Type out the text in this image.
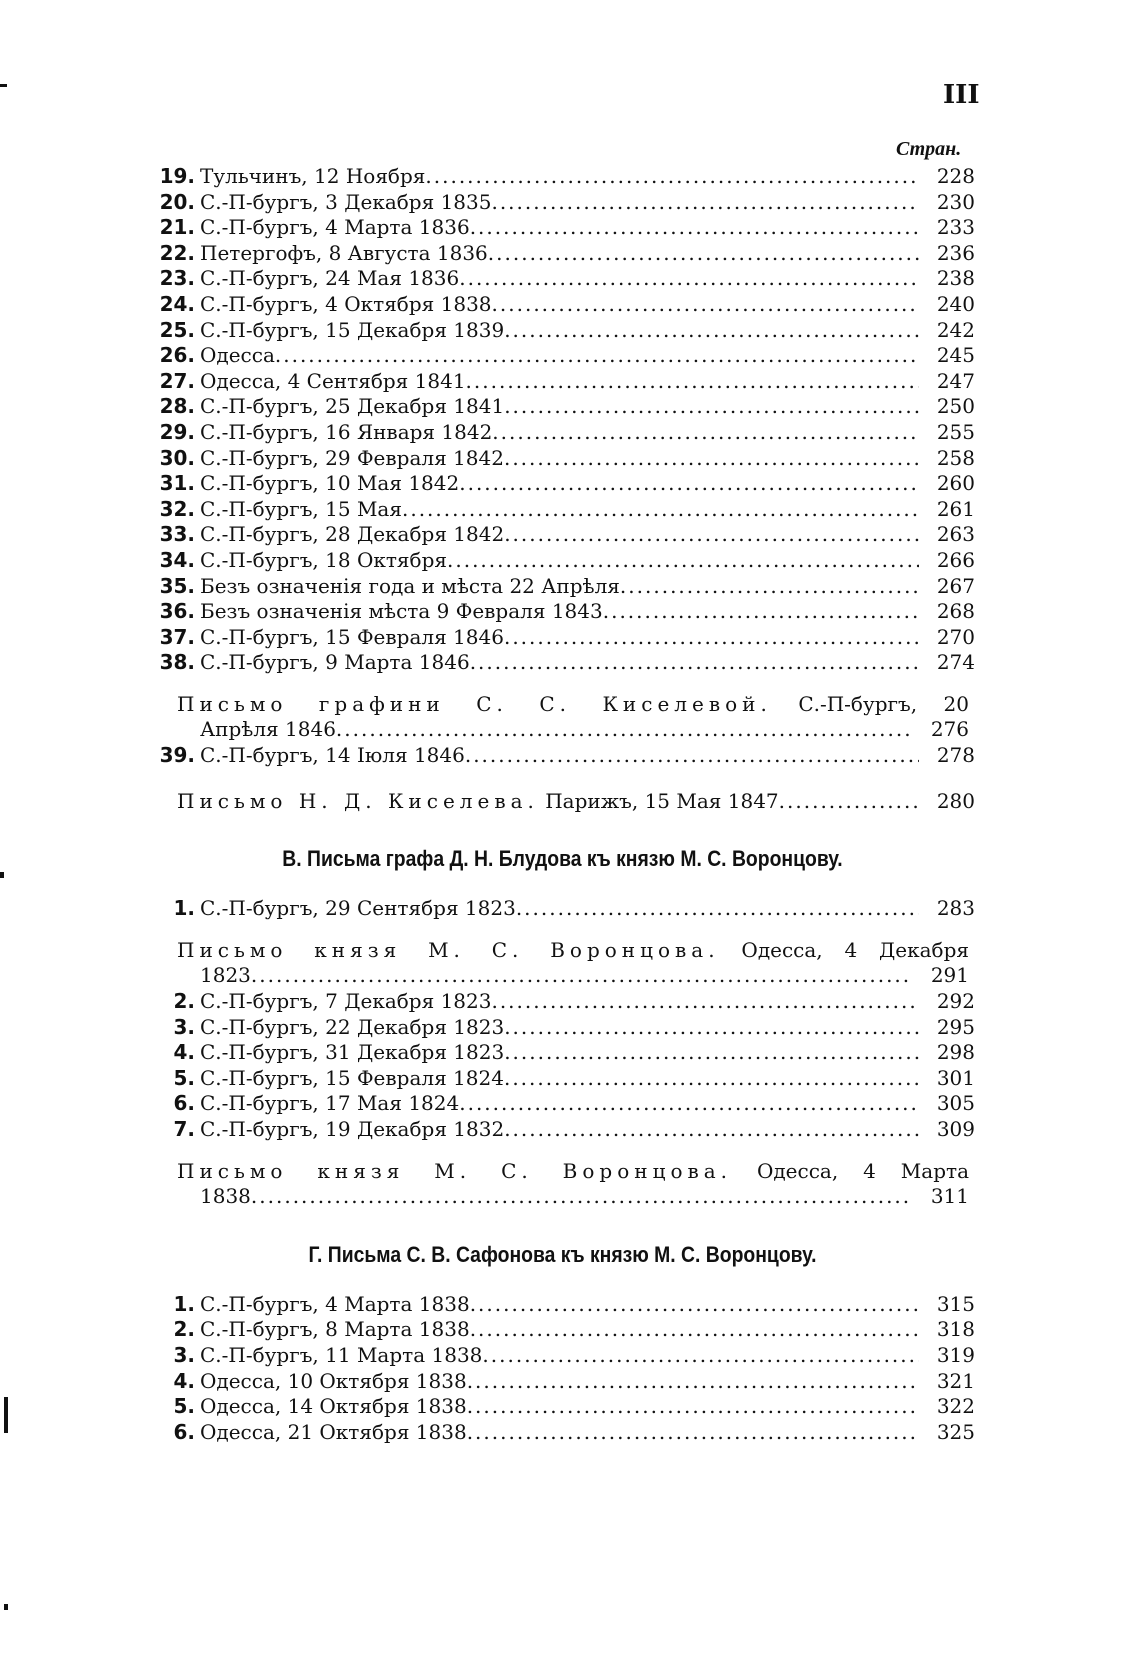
III
Стран.
19. Тульчинъ, 12 Ноября .....	228
20. С.-П-бургъ, 3 Декабря 1835 .....	230
21. С.-П-бургъ, 4 Марта 1836 .....	233
22. Петергофъ, 8 Августа 1836 .....	236
23. С.-П-бургъ, 24 Мая 1836 .....	238
24. С.-П-бургъ, 4 Октября 1838 .....	240
25. С.-П-бургъ, 15 Декабря 1839 .....	242
26. Одесса .....	245
27. Одесса, 4 Сентября 1841 .....	247
28. С.-П-бургъ, 25 Декабря 1841 .....	250
29. С.-П-бургъ, 16 Января 1842 .....	255
30. С.-П-бургъ, 29 Февраля 1842 .....	258
31. С.-П-бургъ, 10 Мая 1842 .....	260
32. С.-П-бургъ, 15 Мая .....	261
33. С.-П-бургъ, 28 Декабря 1842 .....	263
34. С.-П-бургъ, 18 Октября .....	266
35. Безъ означенія года и мѣста 22 Апрѣля .....	267
36. Безъ означенія мѣста 9 Февраля 1843 .....	268
37. С.-П-бургъ, 15 Февраля 1846 .....	270
38. С.-П-бургъ, 9 Марта 1846 .....	274
Письмо графини С. С. Киселевой. С.-П-бургъ, 20
Апрѣля 1846 .....	276
39. С.-П-бургъ, 14 Іюля 1846 .....	278
Письмо Н. Д. Киселева.
Парижъ, 15 Мая 1847 .....	280
В. Письма графа Д. Н. Блудова къ князю М. С. Воронцову.
1. С.-П-бургъ, 29 Сентября 1823 .....	283
Письмо князя М. С. Воронцова. Одесса, 4 Декабря
1823 .....	291
2. С.-П-бургъ, 7 Декабря 1823 .....	292
3. С.-П-бургъ, 22 Декабря 1823 .....	295
4. С.-П-бургъ, 31 Декабря 1823 .....	298
5. С.-П-бургъ, 15 Февраля 1824 .....	301
6. С.-П-бургъ, 17 Мая 1824 .....	305
7. С.-П-бургъ, 19 Декабря 1832 .....	309
Письмо князя М. С. Воронцова. Одесса, 4 Марта
1838 .....	311
Г. Письма С. В. Сафонова къ князю М. С. Воронцову.
1. С.-П-бургъ, 4 Марта 1838 .....	315
2. С.-П-бургъ, 8 Марта 1838 .....	318
3. С.-П-бургъ, 11 Марта 1838 .....	319
4. Одесса, 10 Октября 1838 .....	321
5. Одесса, 14 Октября 1838 .....	322
6. Одесса, 21 Октября 1838 .....	325
